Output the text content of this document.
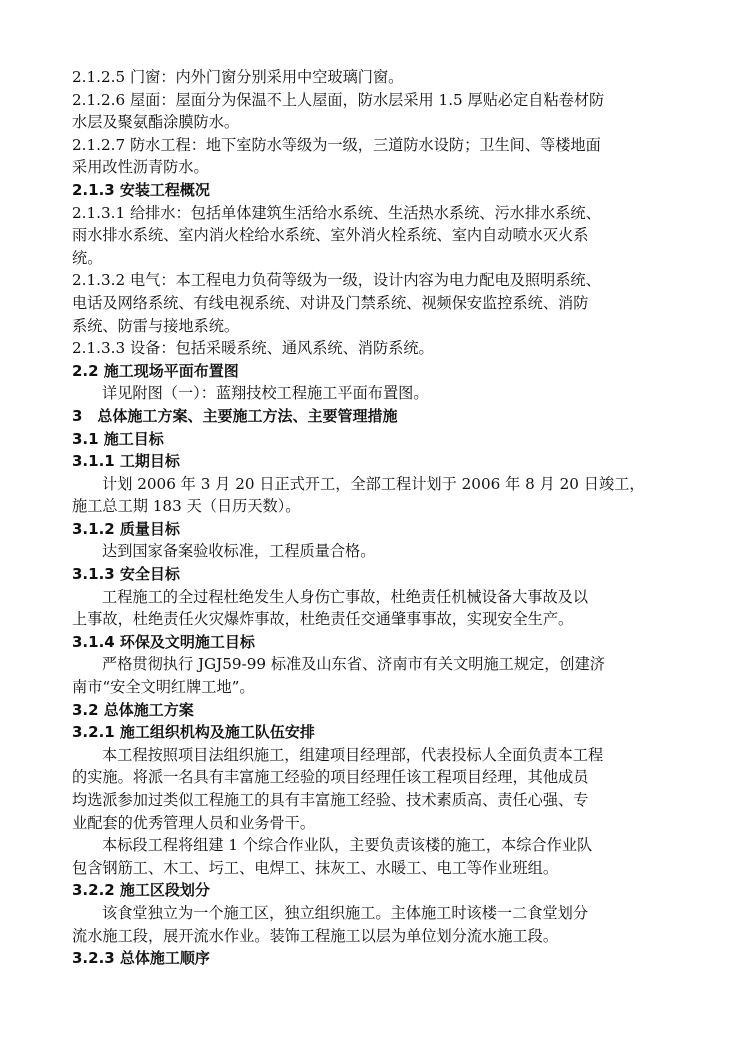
2.1.2.5 门窗：内外门窗分别采用中空玻璃门窗。
2.1.2.6 屋面：屋面分为保温不上人屋面，防水层采用 1.5 厚贴必定自粘卷材防
水层及聚氨酯涂膜防水。
2.1.2.7 防水工程：地下室防水等级为一级，三道防水设防；卫生间、等楼地面
采用改性沥青防水。
2.1.3 安装工程概况
2.1.3.1 给排水：包括单体建筑生活给水系统、生活热水系统、污水排水系统、
雨水排水系统、室内消火栓给水系统、室外消火栓系统、室内自动喷水灭火系
统。
2.1.3.2 电气：本工程电力负荷等级为一级，设计内容为电力配电及照明系统、
电话及网络系统、有线电视系统、对讲及门禁系统、视频保安监控系统、消防
系统、防雷与接地系统。
2.1.3.3 设备：包括采暖系统、通风系统、消防系统。
2.2 施工现场平面布置图
详见附图（一）：蓝翔技校工程施工平面布置图。
3　总体施工方案、主要施工方法、主要管理措施
3.1 施工目标
3.1.1 工期目标
计划 2006 年 3 月 20 日正式开工，全部工程计划于 2006 年 8 月 20 日竣工，
施工总工期 183 天（日历天数）。
3.1.2 质量目标
达到国家备案验收标准，工程质量合格。
3.1.3 安全目标
工程施工的全过程杜绝发生人身伤亡事故，杜绝责任机械设备大事故及以
上事故，杜绝责任火灾爆炸事故，杜绝责任交通肇事事故，实现安全生产。
3.1.4 环保及文明施工目标
严格贯彻执行 JGJ59-99 标准及山东省、济南市有关文明施工规定，创建济
南市“安全文明红牌工地”。
3.2 总体施工方案
3.2.1 施工组织机构及施工队伍安排
本工程按照项目法组织施工，组建项目经理部，代表投标人全面负责本工程
的实施。将派一名具有丰富施工经验的项目经理任该工程项目经理，其他成员
均选派参加过类似工程施工的具有丰富施工经验、技术素质高、责任心强、专
业配套的优秀管理人员和业务骨干。
本标段工程将组建 1 个综合作业队，主要负责该楼的施工，本综合作业队
包含钢筋工、木工、圬工、电焊工、抹灰工、水暖工、电工等作业班组。
3.2.2 施工区段划分
该食堂独立为一个施工区，独立组织施工。主体施工时该楼一二食堂划分
流水施工段，展开流水作业。装饰工程施工以层为单位划分流水施工段。
3.2.3 总体施工顺序
